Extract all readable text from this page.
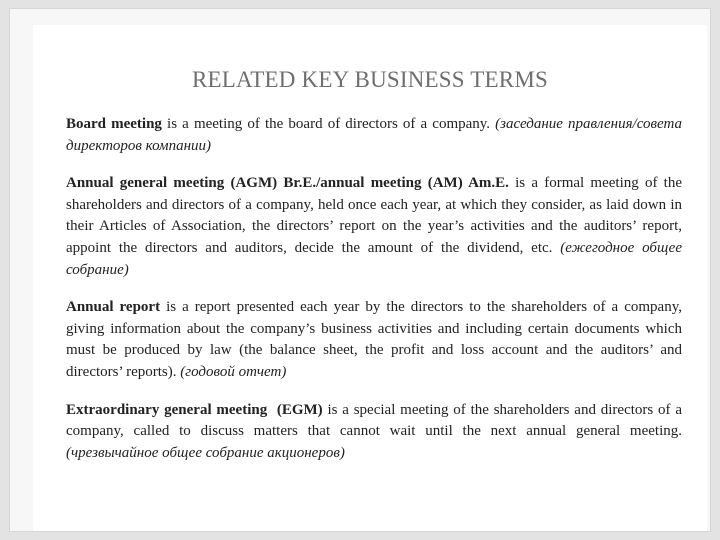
RELATED KEY BUSINESS TERMS

Board meeting is a meeting of the board of directors of a company. (заседание правления/совета директоров компании)

Annual general meeting (AGM) Br.E./annual meeting (AM) Am.E. is a formal meeting of the shareholders and directors of a company, held once each year, at which they consider, as laid down in their Articles of Association, the directors’ report on the year’s activities and the auditors’ report, appoint the directors and auditors, decide the amount of the dividend, etc. (ежегодное общее собрание)

Annual report is a report presented each year by the directors to the shareholders of a company, giving information about the company’s business activities and including certain documents which must be produced by law (the balance sheet, the profit and loss account and the auditors’ and directors’ reports). (годовой отчет)

Extraordinary general meeting  (EGM) is a special meeting of the shareholders and directors of a company, called to discuss matters that cannot wait until the next annual general meeting. (чрезвычайное общее собрание акционеров)
